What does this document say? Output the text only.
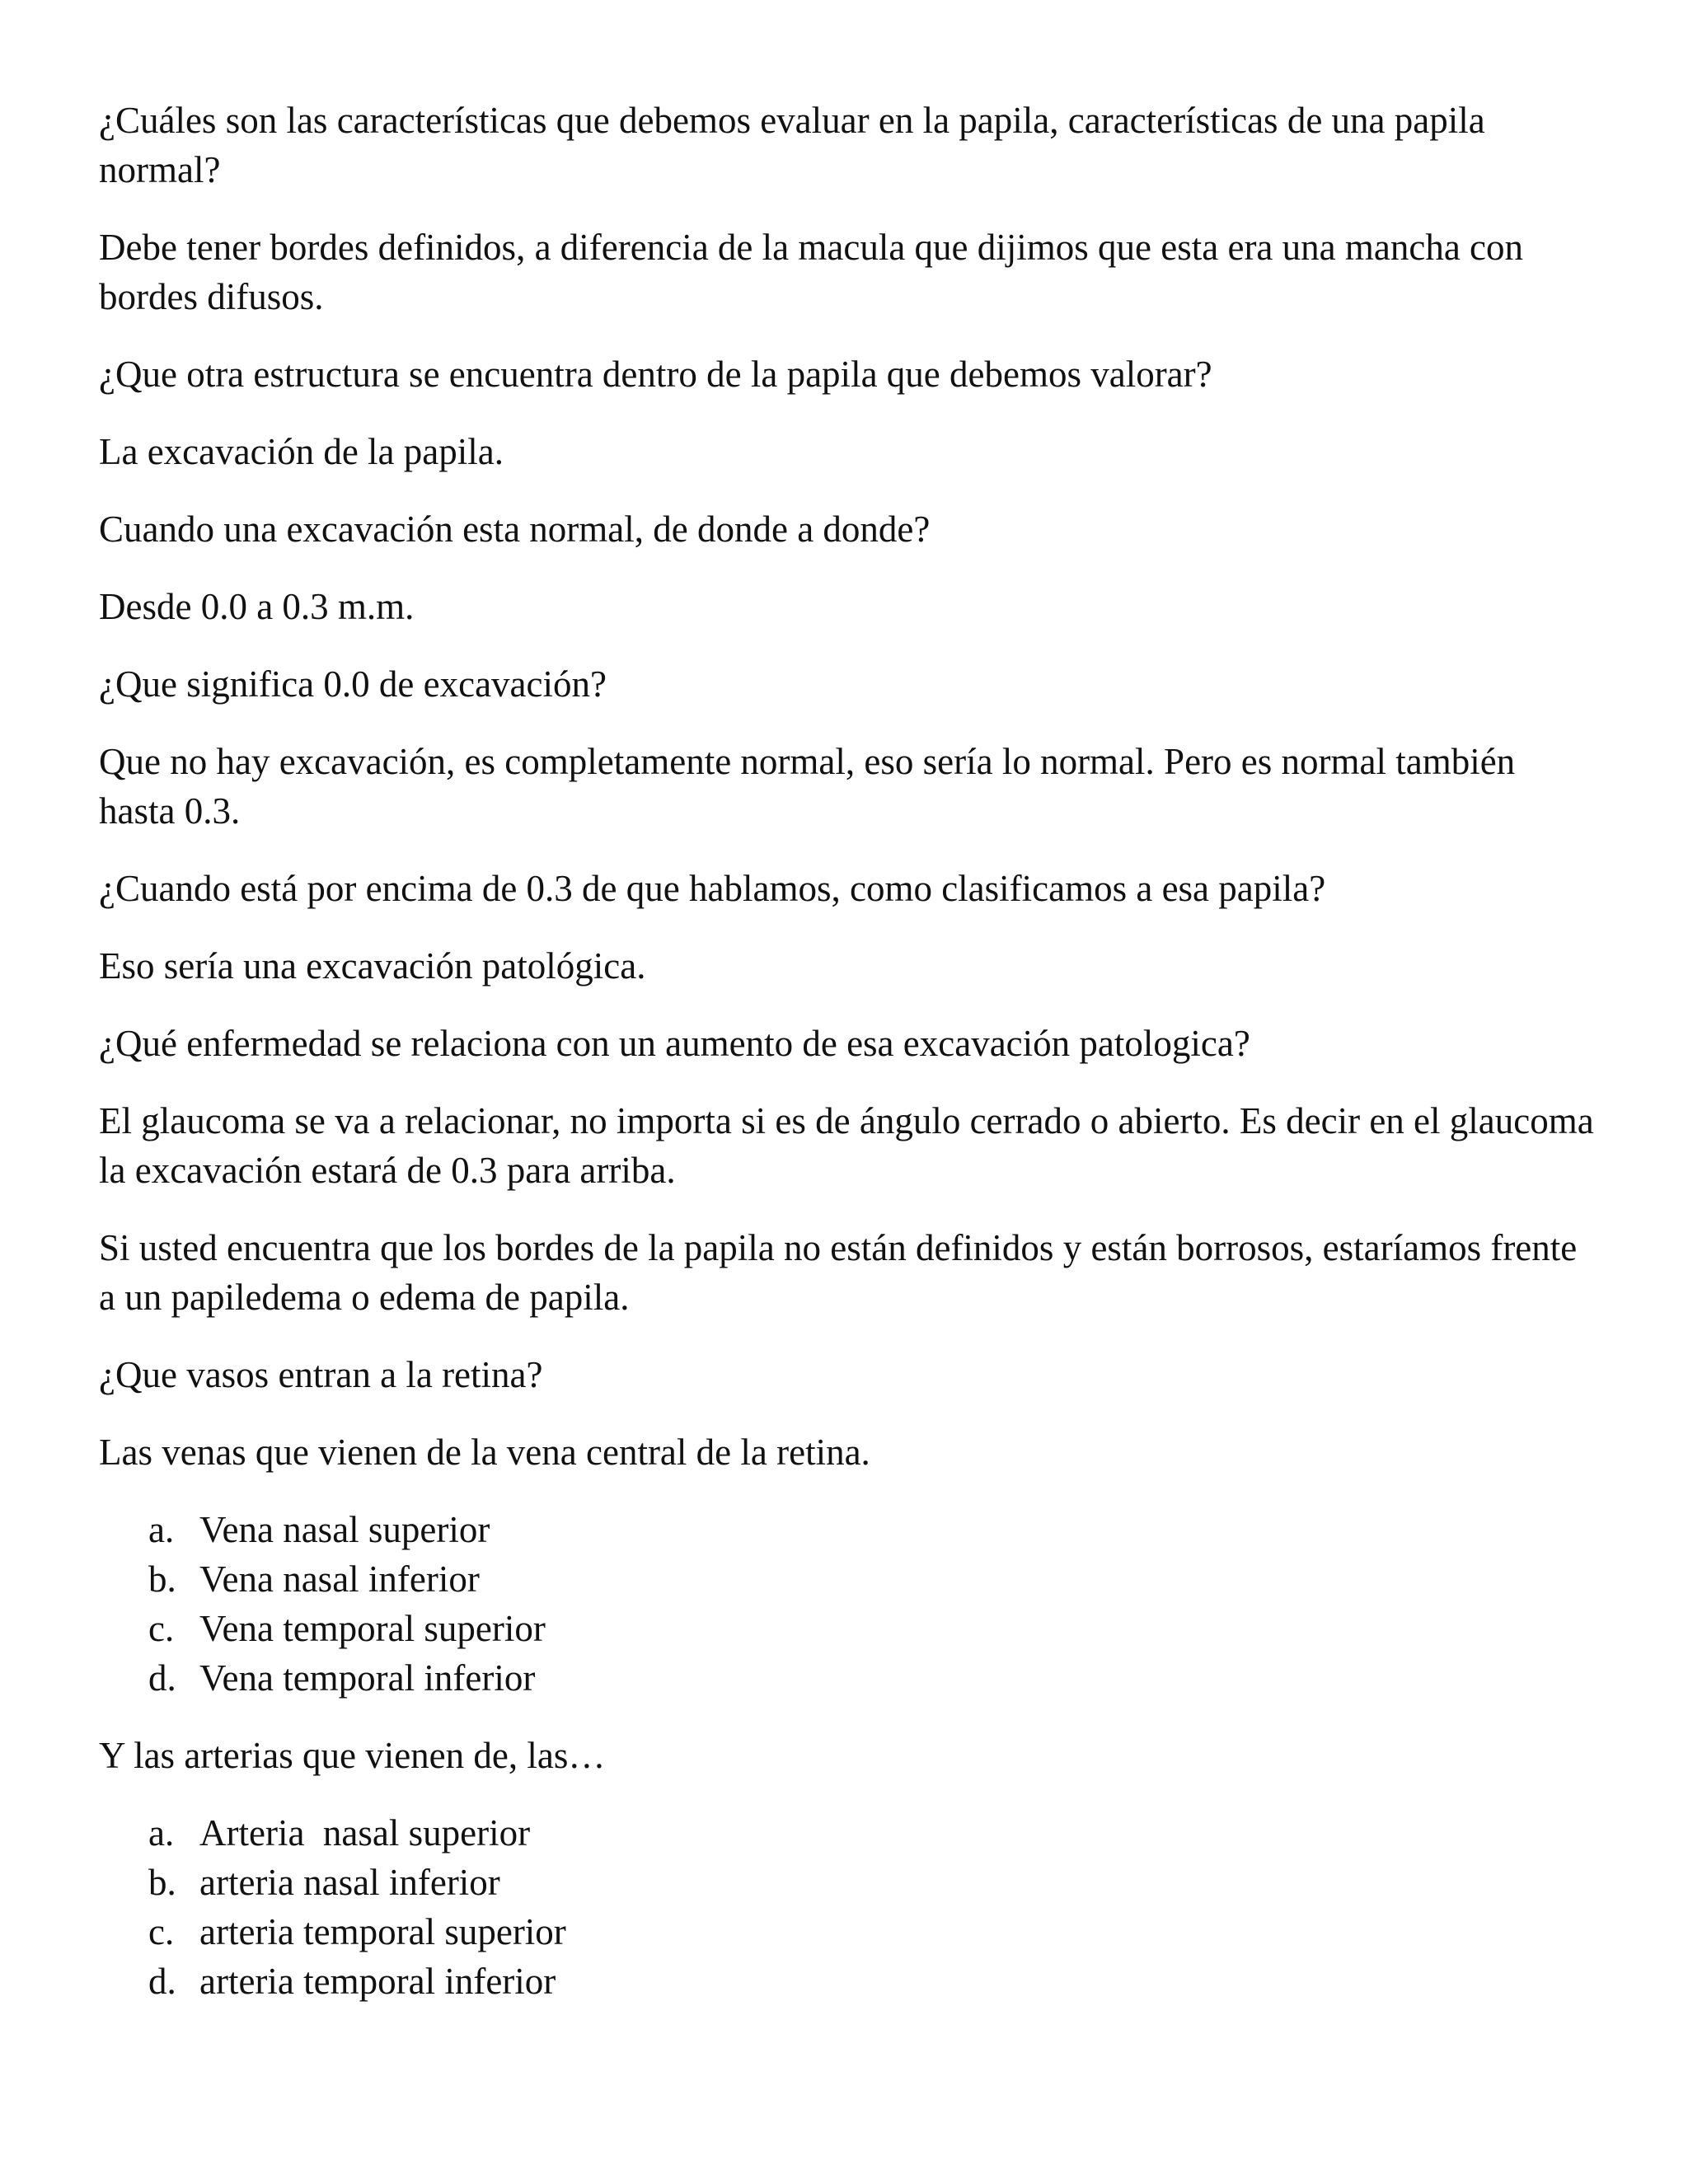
¿Cuáles son las características que debemos evaluar en la papila, características de una papila normal?

Debe tener bordes definidos, a diferencia de la macula que dijimos que esta era una mancha con bordes difusos.

¿Que otra estructura se encuentra dentro de la papila que debemos valorar?

La excavación de la papila.

Cuando una excavación esta normal, de donde a donde?

Desde 0.0 a 0.3 m.m.

¿Que significa 0.0 de excavación?

Que no hay excavación, es completamente normal, eso sería lo normal. Pero es normal también hasta 0.3.

¿Cuando está por encima de 0.3 de que hablamos, como clasificamos a esa papila?

Eso sería una excavación patológica.

¿Qué enfermedad se relaciona con un aumento de esa excavación patologica?

El glaucoma se va a relacionar, no importa si es de ángulo cerrado o abierto. Es decir en el glaucoma la excavación estará de 0.3 para arriba.

Si usted encuentra que los bordes de la papila no están definidos y están borrosos, estaríamos frente a un papiledema o edema de papila.

¿Que vasos entran a la retina?

Las venas que vienen de la vena central de la retina.

a. Vena nasal superior
b. Vena nasal inferior
c. Vena temporal superior
d. Vena temporal inferior

Y las arterias que vienen de, las…

a. Arteria  nasal superior
b. arteria nasal inferior
c. arteria temporal superior
d. arteria temporal inferior
